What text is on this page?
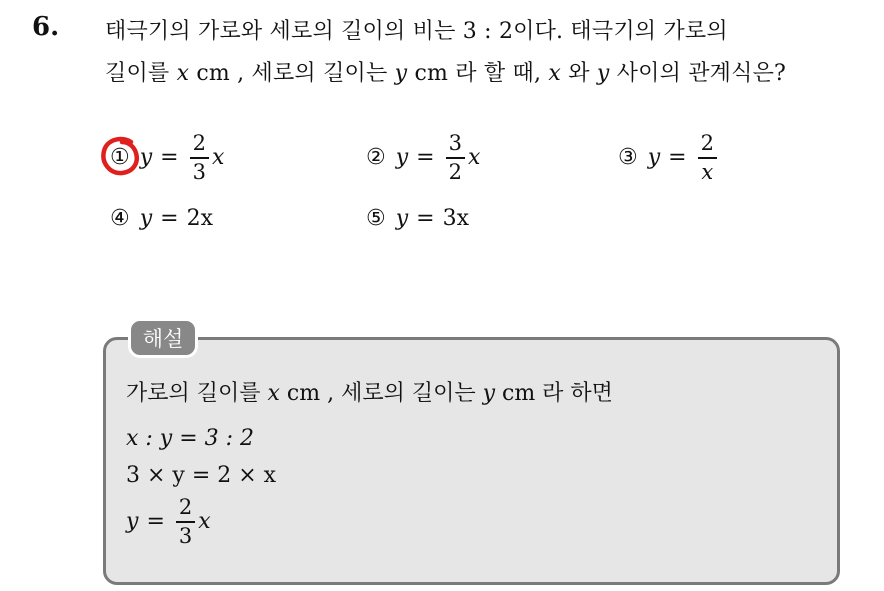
6. 태극기의 가로와 세로의 길이의 비는 3 : 2이다. 태극기의 가로의
길이를 x cm , 세로의 길이는 y cm 라 할 때, x 와 y 사이의 관계식은?
① $y = \frac{2}{3}$ x	② $y = \frac{3}{2}$ x	③ $y = \frac{2}{x}$
④ y = 2x	⑤ y = 3x
해설
가로의 길이를 x cm , 세로의 길이는 y cm 라 하면
x : y = 3 : 2
3 × y = 2 × x
$y = \frac{2}{3}$ x
